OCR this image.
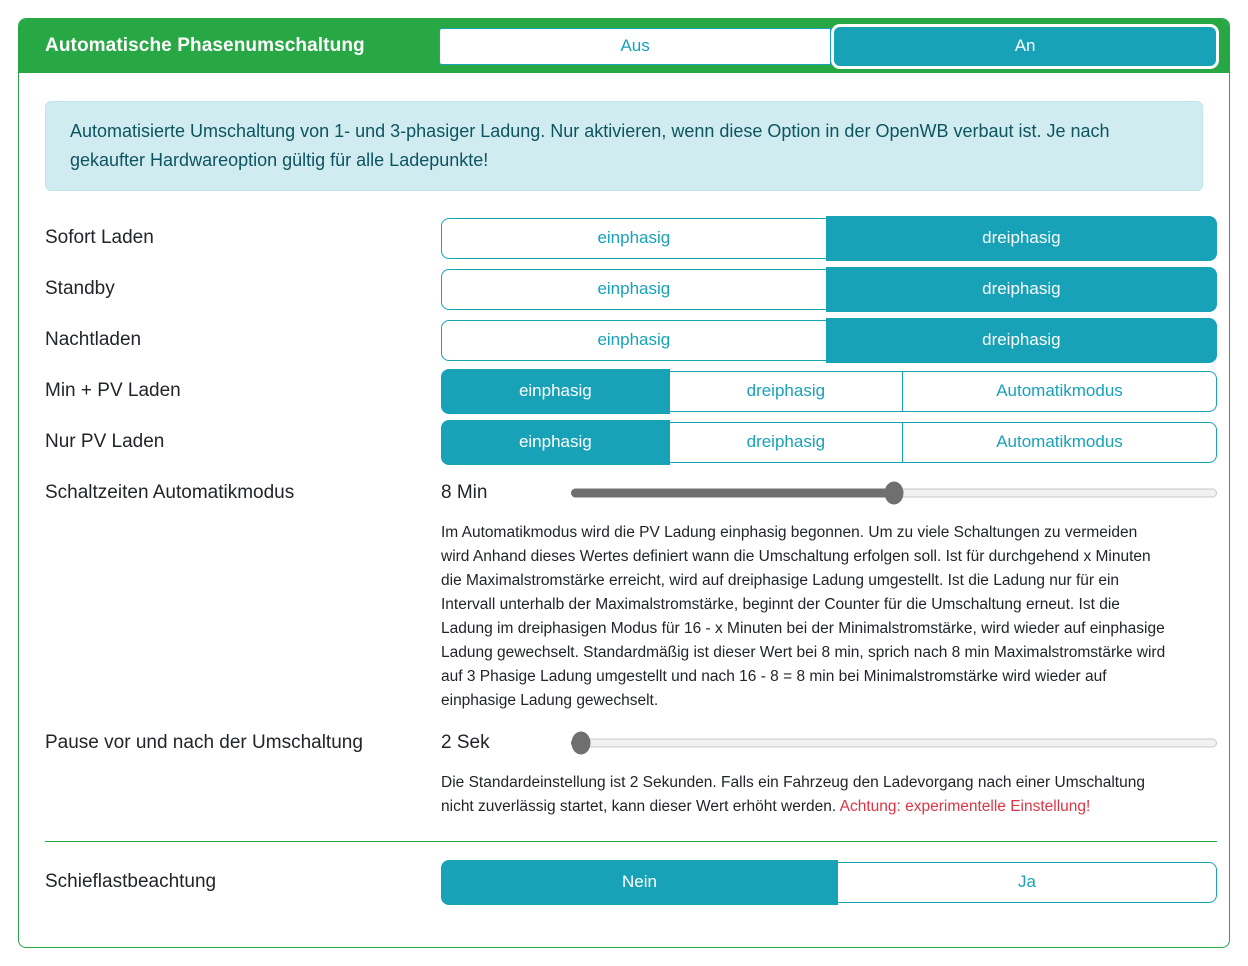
Automatische Phasenumschaltung	Aus	An
Automatisierte Umschaltung von 1- und 3-phasiger Ladung. Nur aktivieren, wenn diese Option in der OpenWB verbaut ist. Je nach gekaufter Hardwareoption gültig für alle Ladepunkte!
Sofort Laden	einphasig	dreiphasig
Standby	einphasig	dreiphasig
Nachtladen	einphasig	dreiphasig
Min + PV Laden	einphasig	dreiphasig	Automatikmodus
Nur PV Laden	einphasig	dreiphasig	Automatikmodus
Schaltzeiten Automatikmodus	8 Min

Im Automatikmodus wird die PV Ladung einphasig begonnen. Um zu viele Schaltungen zu vermeiden wird Anhand dieses Wertes definiert wann die Umschaltung erfolgen soll. Ist für durchgehend x Minuten die Maximalstromstärke erreicht, wird auf dreiphasige Ladung umgestellt. Ist die Ladung nur für ein Intervall unterhalb der Maximalstromstärke, beginnt der Counter für die Umschaltung erneut. Ist die Ladung im dreiphasigen Modus für 16 - x Minuten bei der Minimalstromstärke, wird wieder auf einphasige Ladung gewechselt. Standardmäßig ist dieser Wert bei 8 min, sprich nach 8 min Maximalstromstärke wird auf 3 Phasige Ladung umgestellt und nach 16 - 8 = 8 min bei Minimalstromstärke wird wieder auf einphasige Ladung gewechselt.

Pause vor und nach der Umschaltung	2 Sek

Die Standardeinstellung ist 2 Sekunden. Falls ein Fahrzeug den Ladevorgang nach einer Umschaltung nicht zuverlässig startet, kann dieser Wert erhöht werden. Achtung: experimentelle Einstellung!

Schieflastbeachtung	Nein	Ja
